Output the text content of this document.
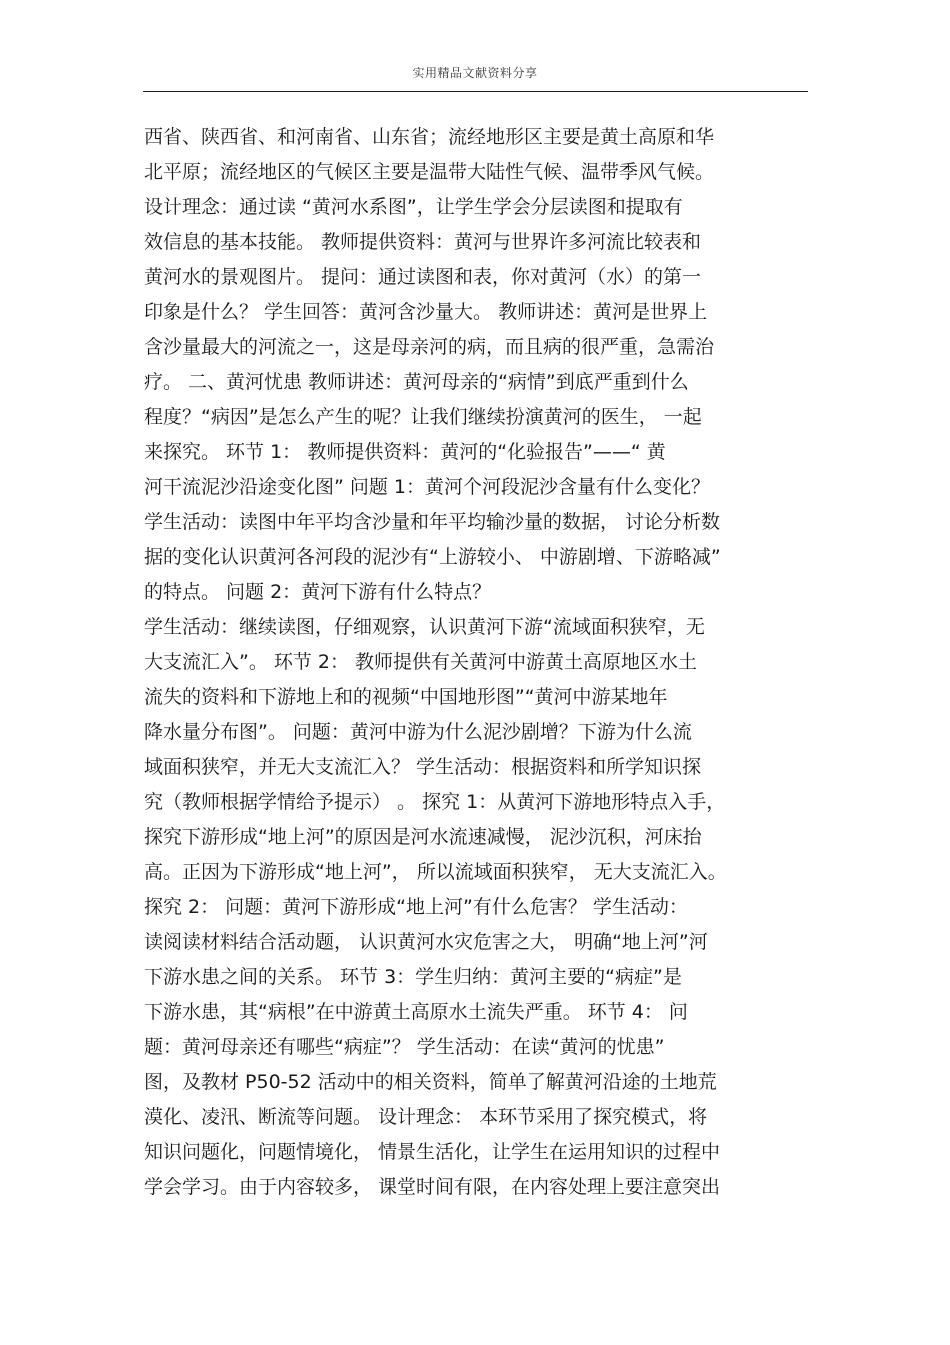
实用精品文献资料分享
西省、陕西省、和河南省、山东省；流经地形区主要是黄土高原和华
北平原；流经地区的气候区主要是温带大陆性气候、温带季风气候。
设计理念：通过读 “黄河水系图”，让学生学会分层读图和提取有
效信息的基本技能。 教师提供资料：黄河与世界许多河流比较表和
黄河水的景观图片。 提问：通过读图和表，你对黄河（水）的第一
印象是什么？ 学生回答：黄河含沙量大。 教师讲述：黄河是世界上
含沙量最大的河流之一，这是母亲河的病，而且病的很严重，急需治
疗。 二、黄河忧患 教师讲述：黄河母亲的“病情”到底严重到什么
程度？“病因”是怎么产生的呢？让我们继续扮演黄河的医生， 一起
来探究。 环节 1： 教师提供资料：黄河的“化验报告”——“ 黄
河干流泥沙沿途变化图” 问题 1：黄河个河段泥沙含量有什么变化？
学生活动：读图中年平均含沙量和年平均输沙量的数据， 讨论分析数
据的变化认识黄河各河段的泥沙有“上游较小、 中游剧增、下游略减”
的特点。 问题 2：黄河下游有什么特点？
学生活动：继续读图，仔细观察，认识黄河下游“流域面积狭窄，无
大支流汇入”。 环节 2： 教师提供有关黄河中游黄土高原地区水土
流失的资料和下游地上和的视频“中国地形图”“黄河中游某地年
降水量分布图”。 问题：黄河中游为什么泥沙剧增？下游为什么流
域面积狭窄，并无大支流汇入？ 学生活动：根据资料和所学知识探
究（教师根据学情给予提示） 。 探究 1：从黄河下游地形特点入手，
探究下游形成“地上河”的原因是河水流速减慢， 泥沙沉积，河床抬
高。正因为下游形成“地上河”， 所以流域面积狭窄， 无大支流汇入。
探究 2： 问题：黄河下游形成“地上河”有什么危害？ 学生活动：
读阅读材料结合活动题， 认识黄河水灾危害之大， 明确“地上河”河
下游水患之间的关系。 环节 3：学生归纳：黄河主要的“病症”是
下游水患，其“病根”在中游黄土高原水土流失严重。 环节 4： 问
题：黄河母亲还有哪些“病症”？ 学生活动：在读“黄河的忧患”
图，及教材 P50-52 活动中的相关资料，简单了解黄河沿途的土地荒
漠化、凌汛、断流等问题。 设计理念： 本环节采用了探究模式，将
知识问题化，问题情境化， 情景生活化，让学生在运用知识的过程中
学会学习。由于内容较多， 课堂时间有限，在内容处理上要注意突出
